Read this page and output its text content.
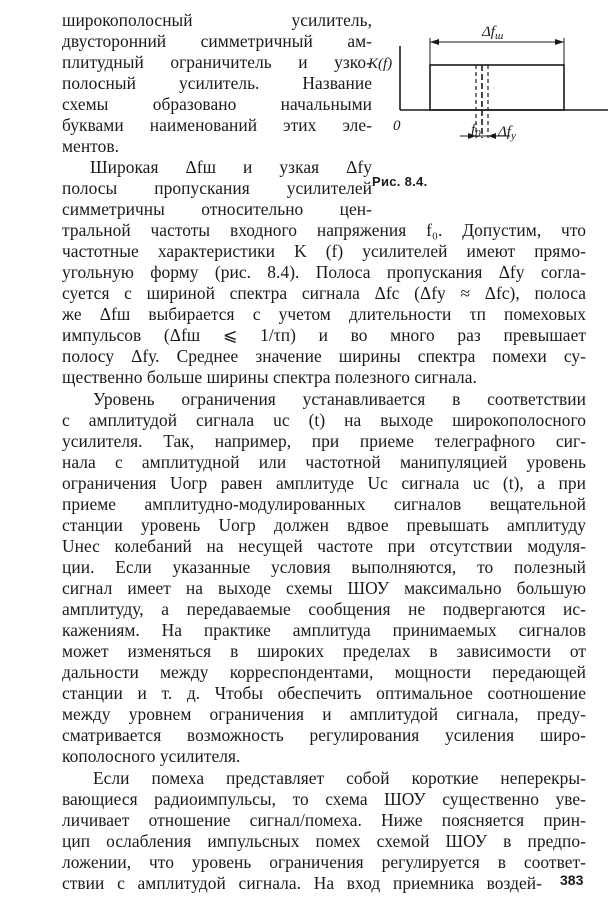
K(f)
0
$\Delta f_ш$
$f_0$ $\Delta f_у$
Рис. 8.4.
широкополосный усилитель,
двусторонний симметричный ам-
плитудный ограничитель и узко-
полосный усилитель. Название
схемы образовано начальными
буквами наименований этих эле-
ментов.
Широкая Δfш и узкая Δfу
полосы пропускания усилителей
симметричны относительно цен-
тральной частоты входного напряжения f₀. Допустим, что
частотные характеристики K (f) усилителей имеют прямо-
угольную форму (рис. 8.4). Полоса пропускания Δfу согла-
суется с шириной спектра сигнала Δfс (Δfу ≈ Δfс), полоса
же Δfш выбирается с учетом длительности τп помеховых
импульсов (Δfш ⩽ 1/τп) и во много раз превышает
полосу Δfу. Среднее значение ширины спектра помехи су-
щественно больше ширины спектра полезного сигнала.
Уровень ограничения устанавливается в соответствии
с амплитудой сигнала uс (t) на выходе широкополосного
усилителя. Так, например, при приеме телеграфного сиг-
нала с амплитудной или частотной манипуляцией уровень
ограничения Uогр равен амплитуде Uс сигнала uс (t), а при
приеме амплитудно-модулированных сигналов вещательной
станции уровень Uогр должен вдвое превышать амплитуду
Uнес колебаний на несущей частоте при отсутствии модуля-
ции. Если указанные условия выполняются, то полезный
сигнал имеет на выходе схемы ШОУ максимально большую
амплитуду, а передаваемые сообщения не подвергаются ис-
кажениям. На практике амплитуда принимаемых сигналов
может изменяться в широких пределах в зависимости от
дальности между корреспондентами, мощности передающей
станции и т. д. Чтобы обеспечить оптимальное соотношение
между уровнем ограничения и амплитудой сигнала, преду-
сматривается возможность регулирования усиления широ-
кополосного усилителя.
Если помеха представляет собой короткие неперекры-
вающиеся радиоимпульсы, то схема ШОУ существенно уве-
личивает отношение сигнал/помеха. Ниже поясняется прин-
цип ослабления импульсных помех схемой ШОУ в предпо-
ложении, что уровень ограничения регулируется в соответ-
ствии с амплитудой сигнала. На вход приемника воздей- 383
